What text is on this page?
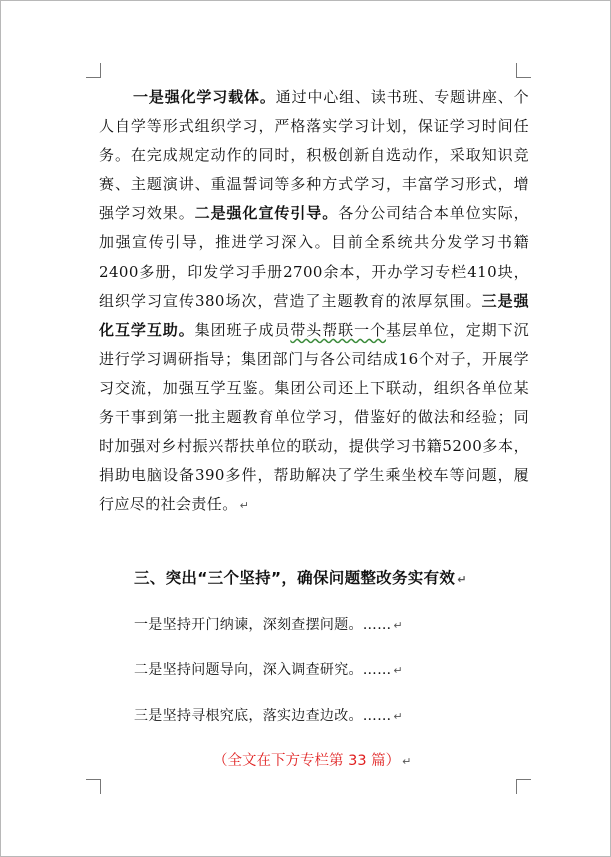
一是强化学习载体。通过中心组、读书班、专题讲座、个人自学等形式组织学习，严格落实学习计划，保证学习时间任务。在完成规定动作的同时，积极创新自选动作，采取知识竞赛、主题演讲、重温誓词等多种方式学习，丰富学习形式，增强学习效果。二是强化宣传引导。各分公司结合本单位实际，加强宣传引导，推进学习深入。目前全系统共分发学习书籍2400多册，印发学习手册2700余本，开办学习专栏410块，组织学习宣传380场次，营造了主题教育的浓厚氛围。三是强化互学互助。集团班子成员带头帮联一个基层单位，定期下沉进行学习调研指导；集团部门与各公司结成16个对子，开展学习交流，加强互学互鉴。集团公司还上下联动，组织各单位某务干事到第一批主题教育单位学习，借鉴好的做法和经验；同时加强对乡村振兴帮扶单位的联动，提供学习书籍5200多本，捐助电脑设备390多件，帮助解决了学生乘坐校车等问题，履行应尽的社会责任。 ↵

三、突出“三个坚持”，确保问题整改务实有效 ↵
一是坚持开门纳谏，深刻查摆问题。…… ↵
二是坚持问题导向，深入调查研究。…… ↵
三是坚持寻根究底，落实边查边改。…… ↵
（全文在下方专栏第 33 篇） ↵
